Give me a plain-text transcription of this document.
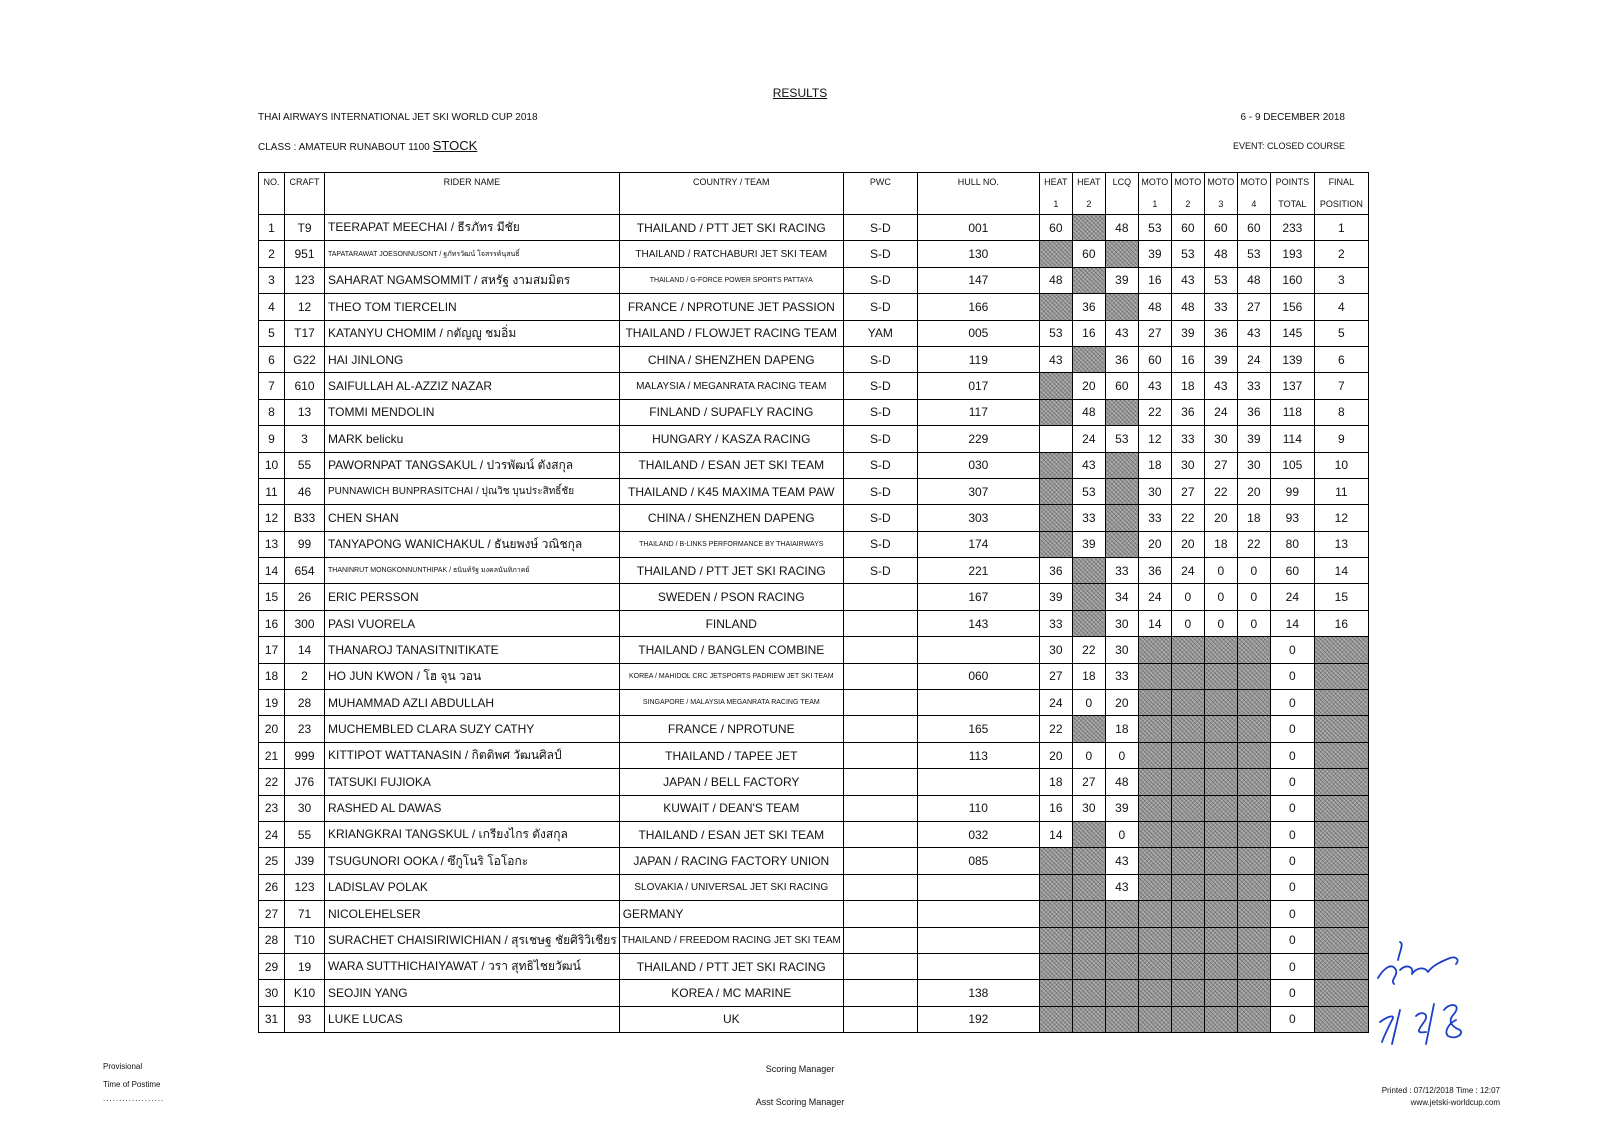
RESULTS
THAI AIRWAYS INTERNATIONAL JET SKI WORLD CUP 2018	6 - 9 DECEMBER 2018
CLASS : AMATEUR RUNABOUT 1100 STOCK	EVENT: CLOSED COURSE
NO.	CRAFT	RIDER NAME	COUNTRY / TEAM	PWC	HULL NO.	HEAT	HEAT	LCQ	MOTO	MOTO	MOTO	MOTO	POINTS	FINAL
						1	2		1	2	3	4	TOTAL	POSITION
1	T9	TEERAPAT MEECHAI / ธีรภัทร มีชัย	THAILAND / PTT JET SKI RACING	S-D	001	60		48	53	60	60	60	233	1
2	951	TAPATARAWAT JOESONNUSONT / ฐภัทรวัฒน์ โจสรรค์นุสนธิ์	THAILAND / RATCHABURI JET SKI TEAM	S-D	130		60		39	53	48	53	193	2
3	123	SAHARAT NGAMSOMMIT / สหรัฐ งามสมมิตร	THAILAND / G-FORCE POWER SPORTS PATTAYA	S-D	147	48		39	16	43	53	48	160	3
4	12	THEO TOM TIERCELIN	FRANCE / NPROTUNE JET PASSION	S-D	166		36		48	48	33	27	156	4
5	T17	KATANYU CHOMIM / กตัญญู ชมอิ่ม	THAILAND / FLOWJET RACING TEAM	YAM	005	53	16	43	27	39	36	43	145	5
6	G22	HAI JINLONG	CHINA / SHENZHEN DAPENG	S-D	119	43		36	60	16	39	24	139	6
7	610	SAIFULLAH AL-AZZIZ NAZAR	MALAYSIA / MEGANRATA RACING TEAM	S-D	017		20	60	43	18	43	33	137	7
8	13	TOMMI MENDOLIN	FINLAND / SUPAFLY RACING	S-D	117		48		22	36	24	36	118	8
9	3	MARK belicku	HUNGARY / KASZA RACING	S-D	229		24	53	12	33	30	39	114	9
10	55	PAWORNPAT TANGSAKUL / ปวรพัฒน์ ตังสกุล	THAILAND / ESAN JET SKI TEAM	S-D	030		43		18	30	27	30	105	10
11	46	PUNNAWICH BUNPRASITCHAI / ปุณวิช บุนประสิทธิ์ชัย	THAILAND / K45 MAXIMA TEAM PAW	S-D	307		53		30	27	22	20	99	11
12	B33	CHEN SHAN	CHINA / SHENZHEN DAPENG	S-D	303		33		33	22	20	18	93	12
13	99	TANYAPONG WANICHAKUL / ธันยพงษ์ วณิชกุล	THAILAND / B-LINKS PERFORMANCE BY THAIAIRWAYS	S-D	174		39		20	20	18	22	80	13
14	654	THANINRUT MONGKONNUNTHIPAK / ธนินท์รัฐ มงคลนันทิภาคย์	THAILAND / PTT JET SKI RACING	S-D	221	36		33	36	24	0	0	60	14
15	26	ERIC PERSSON	SWEDEN / PSON RACING		167	39		34	24	0	0	0	24	15
16	300	PASI VUORELA	FINLAND		143	33		30	14	0	0	0	14	16
17	14	THANAROJ TANASITNITIKATE	THAILAND / BANGLEN COMBINE			30	22	30					0	
18	2	HO JUN KWON / โฮ จุน วอน	KOREA / MAHIDOL CRC JETSPORTS PADRIEW JET SKI TEAM		060	27	18	33					0	
19	28	MUHAMMAD AZLI ABDULLAH	SINGAPORE / MALAYSIA MEGANRATA RACING TEAM			24	0	20					0	
20	23	MUCHEMBLED CLARA SUZY CATHY	FRANCE / NPROTUNE		165	22		18					0	
21	999	KITTIPOT WATTANASIN / กิตติพศ วัฒนศิลป์	THAILAND / TAPEE JET		113	20	0	0					0	
22	J76	TATSUKI FUJIOKA	JAPAN / BELL FACTORY			18	27	48					0	
23	30	RASHED AL DAWAS	KUWAIT / DEAN'S TEAM		110	16	30	39					0	
24	55	KRIANGKRAI TANGSKUL / เกรียงไกร ตังสกุล	THAILAND / ESAN JET SKI TEAM		032	14		0					0	
25	J39	TSUGUNORI OOKA / ซึกูโนริ โอโอกะ	JAPAN / RACING FACTORY UNION		085			43					0	
26	123	LADISLAV POLAK	SLOVAKIA / UNIVERSAL JET SKI RACING					43					0	
27	71	NICOLEHELSER	GERMANY										0	
28	T10	SURACHET CHAISIRIWICHIAN / สุรเชษฐ ชัยศิริวิเชียร	THAILAND / FREEDOM RACING JET SKI TEAM										0	
29	19	WARA SUTTHICHAIYAWAT / วรา สุทธิไชยวัฒน์	THAILAND / PTT JET SKI RACING										0	
30	K10	SEOJIN YANG	KOREA / MC MARINE		138								0	
31	93	LUKE LUCAS	UK		192								0	
Provisional
Time of Postime
...................
Scoring Manager
Asst Scoring Manager
Printed : 07/12/2018 Time : 12:07
www.jetski-worldcup.com
7/12/18
